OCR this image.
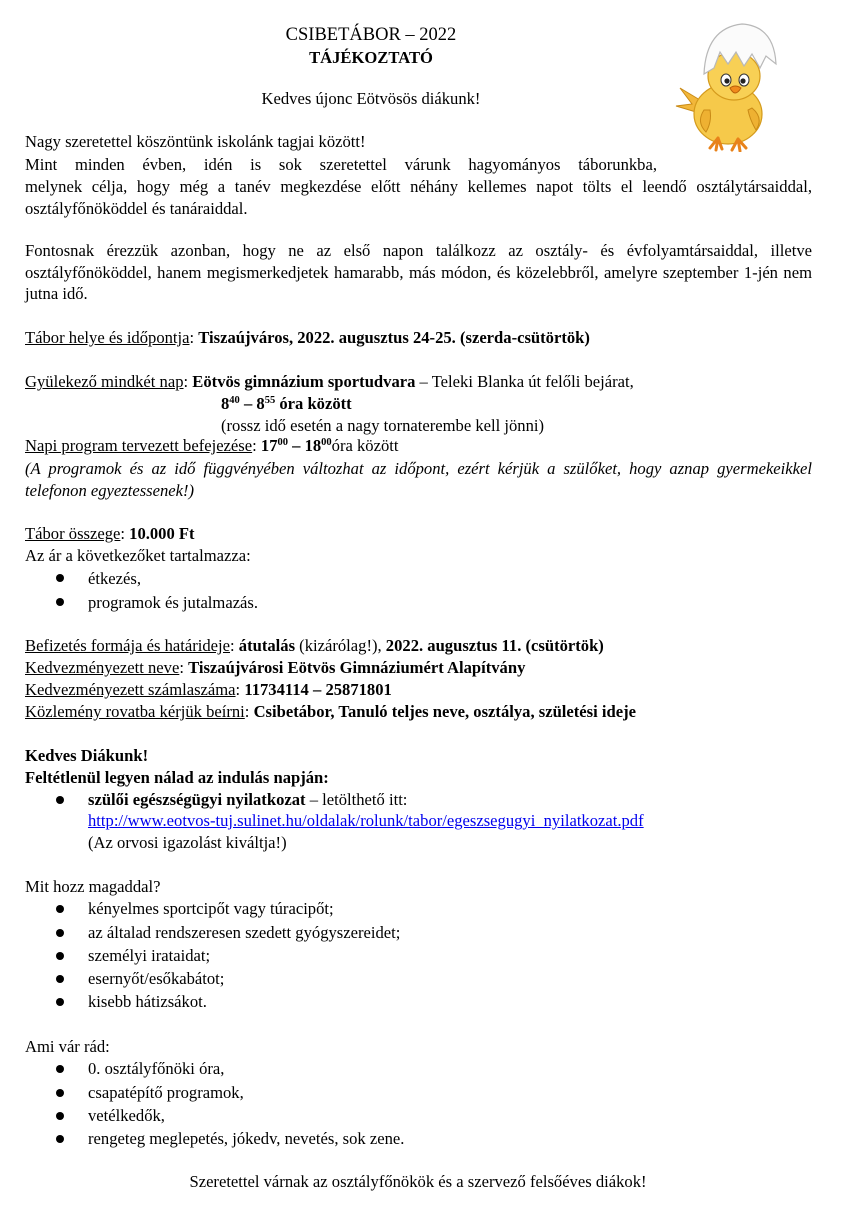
CSIBETÁBOR – 2022
TÁJÉKOZTATÓ
Kedves újonc Eötvösös diákunk!
Nagy szeretettel köszöntünk iskolánk tagjai között!
Mint minden évben, idén is sok szeretettel várunk hagyományos táborunkba,
melynek célja, hogy még a tanév megkezdése előtt néhány kellemes napot tölts el leendő osztálytársaiddal, osztályfőnököddel és tanáraiddal.
Fontosnak érezzük azonban, hogy ne az első napon találkozz az osztály- és évfolyamtársaiddal, illetve osztályfőnököddel, hanem megismerkedjetek hamarabb, más módon, és közelebbről, amelyre szeptember 1-jén nem jutna idő.
Tábor helye és időpontja: Tiszaújváros, 2022. augusztus 24-25. (szerda-csütörtök)
Gyülekező mindkét nap: Eötvös gimnázium sportudvara – Teleki Blanka út felőli bejárat,
$8^{40} - 8^{55}$ óra között
(rossz idő esetén a nagy tornaterembe kell jönni)
Napi program tervezett befejezése: $17^{00}$ – $18^{00}óra$ között
(A programok és az idő függvényében változhat az időpont, ezért kérjük a szülőket, hogy aznap gyermekeikkel telefonon egyeztessenek!)
Tábor összege: 10.000 Ft
Az ár a következőket tartalmazza:
étkezés,
programok és jutalmazás.
Befizetés formája és határideje: átutalás (kizárólag!), 2022. augusztus 11. (csütörtök)
Kedvezményezett neve: Tiszaújvárosi Eötvös Gimnáziumért Alapítvány
Kedvezményezett számlaszáma: 11734114 – 25871801
Közlemény rovatba kérjük beírni: Csibetábor, Tanuló teljes neve, osztálya, születési ideje
Kedves Diákunk!
Feltétlenül legyen nálad az indulás napján:
szülői egészségügyi nyilatkozat – letölthető itt:
http://www.eotvos-tuj.sulinet.hu/oldalak/rolunk/tabor/egeszsegugyi_nyilatkozat.pdf
(Az orvosi igazolást kiváltja!)
Mit hozz magaddal?
kényelmes sportcipőt vagy túracipőt;
az általad rendszeresen szedett gyógyszereidet;
személyi irataidat;
esernyőt/esőkabátot;
kisebb hátizsákot.
Ami vár rád:
0. osztályfőnöki óra,
csapatépítő programok,
vetélkedők,
rengeteg meglepetés, jókedv, nevetés, sok zene.
Szeretettel várnak az osztályfőnökök és a szervező felsőéves diákok!
